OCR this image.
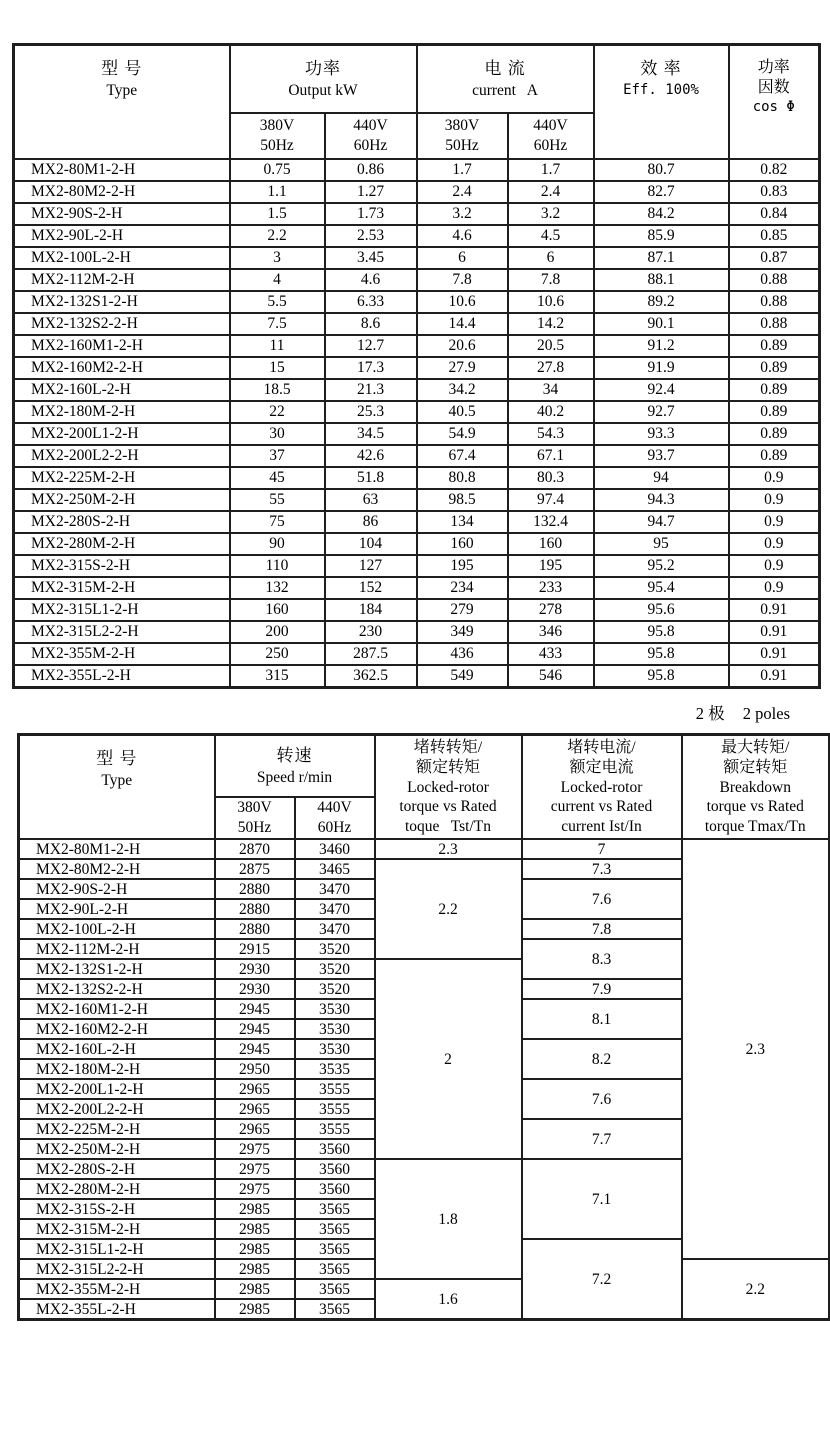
型 号
Type

功率
Output kW

电 流
current   A

效 率
Eff. 100%

功率
因数
cos Φ

380V
50Hz

440V
60Hz

380V
50Hz

440V
60Hz

MX2-80M1-2-H	0.75	0.86	1.7	1.7	80.7	0.82
MX2-80M2-2-H	1.1	1.27	2.4	2.4	82.7	0.83
MX2-90S-2-H	1.5	1.73	3.2	3.2	84.2	0.84
MX2-90L-2-H	2.2	2.53	4.6	4.5	85.9	0.85
MX2-100L-2-H	3	3.45	6	6	87.1	0.87
MX2-112M-2-H	4	4.6	7.8	7.8	88.1	0.88
MX2-132S1-2-H	5.5	6.33	10.6	10.6	89.2	0.88
MX2-132S2-2-H	7.5	8.6	14.4	14.2	90.1	0.88
MX2-160M1-2-H	11	12.7	20.6	20.5	91.2	0.89
MX2-160M2-2-H	15	17.3	27.9	27.8	91.9	0.89
MX2-160L-2-H	18.5	21.3	34.2	34	92.4	0.89
MX2-180M-2-H	22	25.3	40.5	40.2	92.7	0.89
MX2-200L1-2-H	30	34.5	54.9	54.3	93.3	0.89
MX2-200L2-2-H	37	42.6	67.4	67.1	93.7	0.89
MX2-225M-2-H	45	51.8	80.8	80.3	94	0.9
MX2-250M-2-H	55	63	98.5	97.4	94.3	0.9
MX2-280S-2-H	75	86	134	132.4	94.7	0.9
MX2-280M-2-H	90	104	160	160	95	0.9
MX2-315S-2-H	110	127	195	195	95.2	0.9
MX2-315M-2-H	132	152	234	233	95.4	0.9
MX2-315L1-2-H	160	184	279	278	95.6	0.91
MX2-315L2-2-H	200	230	349	346	95.8	0.91
MX2-355M-2-H	250	287.5	436	433	95.8	0.91
MX2-355L-2-H	315	362.5	549	546	95.8	0.91
2 极 2 poles
型 号
Type

转速
Speed r/min

堵转转矩/
额定转矩
Locked-rotor
torque vs Rated
toque   Tst/Tn

堵转电流/
额定电流
Locked-rotor
current vs Rated
current Ist/In

最大转矩/
额定转矩
Breakdown
torque vs Rated
torque Tmax/Tn

380V
50Hz

440V
60Hz

MX2-80M1-2-H	2870	3460	2.3	7	2.3
MX2-80M2-2-H	2875	3465	2.2	7.3	
MX2-90S-2-H	2880	3470		7.6	
MX2-90L-2-H	2880	3470			
MX2-100L-2-H	2880	3470		7.8	
MX2-112M-2-H	2915	3520		8.3	
MX2-132S1-2-H	2930	3520	2		
MX2-132S2-2-H	2930	3520		7.9	
MX2-160M1-2-H	2945	3530		8.1	
MX2-160M2-2-H	2945	3530			
MX2-160L-2-H	2945	3530		8.2	
MX2-180M-2-H	2950	3535			
MX2-200L1-2-H	2965	3555		7.6	
MX2-200L2-2-H	2965	3555			
MX2-225M-2-H	2965	3555		7.7	
MX2-250M-2-H	2975	3560			
MX2-280S-2-H	2975	3560	1.8	7.1	
MX2-280M-2-H	2975	3560			
MX2-315S-2-H	2985	3565			
MX2-315M-2-H	2985	3565			
MX2-315L1-2-H	2985	3565		7.2	
MX2-315L2-2-H	2985	3565			2.2
MX2-355M-2-H	2985	3565	1.6		
MX2-355L-2-H	2985	3565			
